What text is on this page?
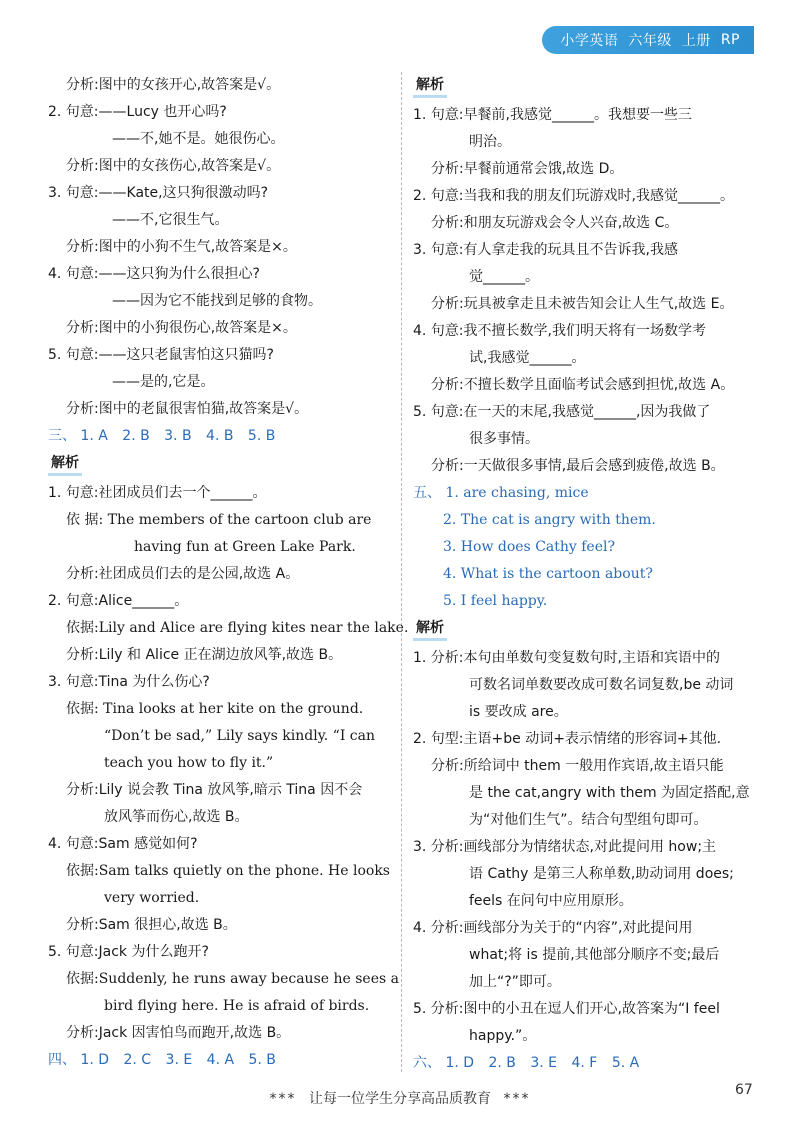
小学英语 六年级 上册 RP
分析:图中的女孩开心,故答案是√。
2. 句意:——Lucy 也开心吗?
——不,她不是。她很伤心。
分析:图中的女孩伤心,故答案是√。
3. 句意:——Kate,这只狗很激动吗?
——不,它很生气。
分析:图中的小狗不生气,故答案是×。
4. 句意:——这只狗为什么很担心?
——因为它不能找到足够的食物。
分析:图中的小狗很伤心,故答案是×。
5. 句意:——这只老鼠害怕这只猫吗?
——是的,它是。
分析:图中的老鼠很害怕猫,故答案是√。
三、 1. A 2. B 3. B 4. B 5. B
解析
1. 句意:社团成员们去一个______。
依 据: The members of the cartoon club are
having fun at Green Lake Park.
分析:社团成员们去的是公园,故选 A。
2. 句意:Alice______。
依据:Lily and Alice are flying kites near the lake.
分析:Lily 和 Alice 正在湖边放风筝,故选 B。
3. 句意:Tina 为什么伤心?
依据: Tina looks at her kite on the ground.
“Don’t be sad,” Lily says kindly. “I can
teach you how to fly it.”
分析:Lily 说会教 Tina 放风筝,暗示 Tina 因不会
放风筝而伤心,故选 B。
4. 句意:Sam 感觉如何?
依据:Sam talks quietly on the phone. He looks
very worried.
分析:Sam 很担心,故选 B。
5. 句意:Jack 为什么跑开?
依据:Suddenly, he runs away because he sees a
bird flying here. He is afraid of birds.
分析:Jack 因害怕鸟而跑开,故选 B。
四、 1. D 2. C 3. E 4. A 5. B
解析
1. 句意:早餐前,我感觉______。我想要一些三
明治。
分析:早餐前通常会饿,故选 D。
2. 句意:当我和我的朋友们玩游戏时,我感觉______。
分析:和朋友玩游戏会令人兴奋,故选 C。
3. 句意:有人拿走我的玩具且不告诉我,我感
觉______。
分析:玩具被拿走且未被告知会让人生气,故选 E。
4. 句意:我不擅长数学,我们明天将有一场数学考
试,我感觉______。
分析:不擅长数学且面临考试会感到担忧,故选 A。
5. 句意:在一天的末尾,我感觉______,因为我做了
很多事情。
分析:一天做很多事情,最后会感到疲倦,故选 B。
五、 1. are chasing, mice
2. The cat is angry with them.
3. How does Cathy feel?
4. What is the cartoon about?
5. I feel happy.
解析
1. 分析:本句由单数句变复数句时,主语和宾语中的
可数名词单数要改成可数名词复数,be 动词
is 要改成 are。
2. 句型:主语+be 动词+表示情绪的形容词+其他.
分析:所给词中 them 一般用作宾语,故主语只能
是 the cat,angry with them 为固定搭配,意
为“对他们生气”。结合句型组句即可。
3. 分析:画线部分为情绪状态,对此提问用 how;主
语 Cathy 是第三人称单数,助动词用 does;
feels 在问句中应用原形。
4. 分析:画线部分为关于的“内容”,对此提问用
what;将 is 提前,其他部分顺序不变;最后
加上“?”即可。
5. 分析:图中的小丑在逗人们开心,故答案为“I feel
happy.”。
六、 1. D 2. B 3. E 4. F 5. A
*** 让每一位学生分享高品质教育 ***
67
